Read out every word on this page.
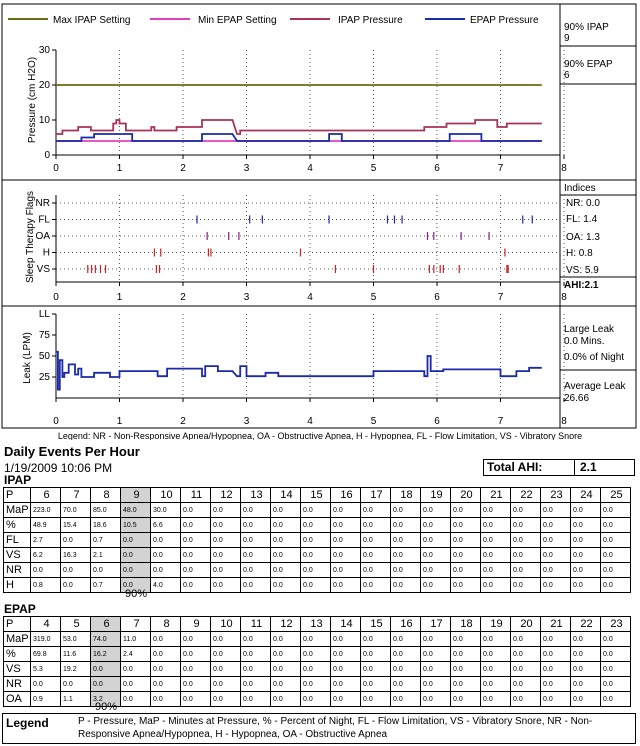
Max IPAP Setting	Min EPAP Setting	IPAP Pressure	EPAP Pressure
90% IPAP
9
90% EPAP
6
Pressure (cm H2O)
Sleep Therapy Flags
Leak (LPM)
Indices
NR: 0.0
FL: 1.4
OA: 1.3
H: 0.8
VS: 5.9
AHI:2.1
Large Leak
0.0 Mins.
0.0% of Night
Average Leak
26.66
0	1	2	3	4	5	6	7	8
0	1	2	3	4	5	6	7	8
0	1	2	3	4	5	6	7	8
0
10
20
30
NR
FL
OA
H
VS
25
50
75
LL
Legend: NR - Non-Responsive Apnea/Hypopnea, OA - Obstructive Apnea, H - Hypopnea, FL - Flow Limitation, VS - Vibratory Snore
Daily Events Per Hour
1/19/2009 10:06 PM	Total AHI:	2.1
IPAP
P	6	7	8	9	10	11	12	13	14	15	16	17	18	19	20	21	22	23	24	25
MaP	223.0	70.0	85.0	48.0	30.0	0.0	0.0	0.0	0.0	0.0	0.0	0.0	0.0	0.0	0.0	0.0	0.0	0.0	0.0	0.0
%	48.9	15.4	18.6	10.5	6.6	0.0	0.0	0.0	0.0	0.0	0.0	0.0	0.0	0.0	0.0	0.0	0.0	0.0	0.0	0.0
FL	2.7	0.0	0.7	0.0	0.0	0.0	0.0	0.0	0.0	0.0	0.0	0.0	0.0	0.0	0.0	0.0	0.0	0.0	0.0	0.0
VS	6.2	16.3	2.1	0.0	0.0	0.0	0.0	0.0	0.0	0.0	0.0	0.0	0.0	0.0	0.0	0.0	0.0	0.0	0.0	0.0
NR	0.0	0.0	0.0	0.0	0.0	0.0	0.0	0.0	0.0	0.0	0.0	0.0	0.0	0.0	0.0	0.0	0.0	0.0	0.0	0.0
H	0.8	0.0	0.7	0.0	4.0	0.0	0.0	0.0	0.0	0.0	0.0	0.0	0.0	0.0	0.0	0.0	0.0	0.0	0.0	0.0
90%
EPAP
P	4	5	6	7	8	9	10	11	12	13	14	15	16	17	18	19	20	21	22	23
MaP	319.0	53.0	74.0	11.0	0.0	0.0	0.0	0.0	0.0	0.0	0.0	0.0	0.0	0.0	0.0	0.0	0.0	0.0	0.0	0.0
%	69.8	11.6	16.2	2.4	0.0	0.0	0.0	0.0	0.0	0.0	0.0	0.0	0.0	0.0	0.0	0.0	0.0	0.0	0.0	0.0
VS	5.3	19.2	0.0	0.0	0.0	0.0	0.0	0.0	0.0	0.0	0.0	0.0	0.0	0.0	0.0	0.0	0.0	0.0	0.0	0.0
NR	0.0	0.0	0.0	0.0	0.0	0.0	0.0	0.0	0.0	0.0	0.0	0.0	0.0	0.0	0.0	0.0	0.0	0.0	0.0	0.0
OA	0.9	1.1	3.2	0.0	0.0	0.0	0.0	0.0	0.0	0.0	0.0	0.0	0.0	0.0	0.0	0.0	0.0	0.0	0.0	0.0
90%
Legend	P - Pressure, MaP - Minutes at Pressure, % - Percent of Night, FL - Flow Limitation, VS - Vibratory Snore, NR - Non-Responsive Apnea/Hypopnea, H - Hypopnea, OA - Obstructive Apnea
